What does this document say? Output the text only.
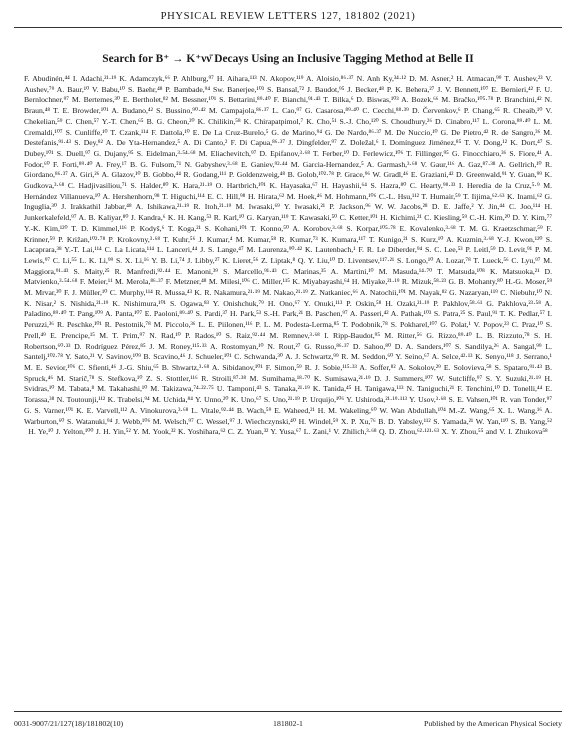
PHYSICAL REVIEW LETTERS 127, 181802 (2021)
Search for B⁺ → K⁺νν̄ Decays Using an Inclusive Tagging Method at Belle II
F. Abudinén,⁴⁴ I. Adachi,²¹·¹⁹ K. Adamczyk,⁶⁶ P. Ahlburg,⁹⁷ H. Aihara,¹¹³ N. Akopov,¹¹⁹ A. Aloisio,⁸⁶·³⁷ N. Anh Ky,³⁴·¹² D. M. Asner,² H. Atmacan,⁹⁹ T. Aushev,²³ V. Aushev,⁷⁹ A. Baur,¹⁰ V. Babu,¹⁰ S. Baehr,⁴⁸ P. Bambade,⁹⁴ Sw. Banerjee,¹⁰³ S. Bansal,⁷² J. Baudot,⁹⁵ J. Becker,⁴⁸ P. K. Behera,²⁷ J. V. Bennett,¹⁰⁷ E. Bernieri,⁴² F. U. Bernlochner,⁹⁷ M. Bertemes,³⁰ E. Bertholet,⁸² M. Bessner,¹⁰¹ S. Bettarini,⁸⁹·⁴⁰ F. Bianchi,⁹¹·⁴³ T. Bilka,⁶ D. Biswas,¹⁰³ A. Bozek,⁶⁶ M. Bračko,¹⁰⁵·⁷⁸ P. Branchini,⁴² N. Braun,⁴⁸ T. E. Browder,¹⁰¹ A. Budano,⁴² S. Bussino,⁹⁰·⁴² M. Campajola,⁸⁶·³⁷ L. Cao,⁹⁷ G. Casarosa,⁸⁹·⁴⁰ C. Cecchi,⁸⁸·³⁹ D. Červenkov,⁶ P. Chang,⁶⁵ R. Cheaib,¹⁰ V. Chekelian,⁵⁹ C. Chen,⁵⁷ Y.-T. Chen,⁶⁵ B. G. Cheon,²⁰ K. Chilikin,⁵⁸ K. Chirapatpimol,⁷ K. Cho,⁵¹ S.-J. Cho,¹²⁰ S. Choudhury,²⁶ D. Cinabro,¹¹⁷ L. Corona,⁸⁹·⁴⁰ L. M. Cremaldi,¹⁰⁷ S. Cunliffe,¹⁰ T. Czank,¹¹⁴ F. Dattola,¹⁰ E. De La Cruz-Burelo,⁵ G. de Marino,⁹⁴ G. De Nardo,⁸⁶·³⁷ M. De Nuccio,¹⁰ G. De Pietro,⁴² R. de Sangro,³⁶ M. Destefanis,⁹¹·⁴³ S. Dey,⁸² A. De Yta-Hernandez,⁵ A. Di Canto,² F. Di Capua,⁸⁶·³⁷ J. Dingfelder,⁹⁷ Z. Doležal,⁶ I. Domínguez Jiménez,⁸⁵ T. V. Dong,¹² K. Dort,⁴⁷ S. Dubey,¹⁰¹ S. Duell,⁹⁷ G. Dujany,⁹⁵ S. Eidelman,³·⁵⁴·⁶⁸ M. Eliachevitch,⁹⁷ D. Epifanov,³·⁶⁸ T. Ferber,¹⁰ D. Ferlewicz,¹⁰⁶ T. Fillinger,⁹⁵ G. Finocchiaro,³⁶ S. Fiore,⁴¹ A. Fodor,⁶⁰ F. Forti,⁸⁹·⁴⁰ A. Frey,¹⁷ B. G. Fulsom,⁷¹ N. Gabyshev,³·⁶⁸ E. Ganiev,⁹²·⁴⁴ M. Garcia-Hernandez,⁵ A. Garmash,³·⁶⁸ V. Gaur,¹¹⁶ A. Gaz,⁸⁷·³⁸ A. Gellrich,¹⁰ R. Giordano,⁸⁶·³⁷ A. Giri,²⁶ A. Glazov,¹⁰ B. Gobbo,⁴⁴ R. Godang,¹¹¹ P. Goldenzweig,⁴⁸ B. Golob,¹⁰²·⁷⁸ P. Grace,⁹⁶ W. Gradl,⁴⁶ E. Graziani,⁴² D. Greenwald,⁹¹ Y. Guan,⁹⁹ K. Gudkova,³·⁶⁸ C. Hadjivasiliou,⁷¹ S. Halder,⁸⁰ K. Hara,²¹·¹⁹ O. Hartbrich,¹⁰¹ K. Hayasaka,⁶⁷ H. Hayashii,⁶⁴ S. Hazra,⁸⁰ C. Hearty,⁹⁸·³³ I. Heredia de la Cruz,⁵·⁹ M. Hernández Villanueva,¹⁰ A. Hershenhorn,⁹⁸ T. Higuchi,¹¹⁴ E. C. Hill,⁹⁸ H. Hirata,⁶² M. Hoek,⁴⁶ M. Hohmann,¹⁰⁶ C.-L. Hsu,¹¹² T. Humair,⁵⁹ T. Iijima,⁶²·⁶³ K. Inami,⁶² G. Inguglia,³⁰ J. Irakkathil Jabbar,⁴⁸ A. Ishikawa,²¹·¹⁹ R. Itoh,²¹·¹⁹ M. Iwasaki,⁶⁹ Y. Iwasaki,²¹ P. Jackson,⁹⁶ W. W. Jacobs,²⁸ D. E. Jaffe,² Y. Jin,⁴⁴ C. Joo,¹¹⁴ H. Junkerkalefeld,⁹⁷ A. B. Kaliyar,⁸⁰ J. Kandra,⁶ K. H. Kang,⁵³ R. Karl,¹⁰ G. Karyan,¹¹⁹ T. Kawasaki,⁵⁰ C. Ketter,¹⁰¹ H. Kichimi,²¹ C. Kiesling,⁵⁹ C.-H. Kim,²⁰ D. Y. Kim,⁷⁷ Y.-K. Kim,¹²⁰ T. D. Kimmel,¹¹⁶ P. Kodyš,⁶ T. Koga,²¹ S. Kohani,¹⁰¹ T. Konno,⁵⁰ A. Korobov,³·⁶⁸ S. Korpar,¹⁰⁵·⁷⁸ E. Kovalenko,³·⁶⁸ T. M. G. Kraetzschmar,⁵⁹ F. Krinner,⁵⁹ P. Križan,¹⁰²·⁷⁸ P. Krokovny,³·⁶⁸ T. Kuhr,⁵⁶ J. Kumar,⁴ M. Kumar,⁵⁸ R. Kumar,⁷³ K. Kumara,¹¹⁷ T. Kunigo,²¹ S. Kurz,¹⁰ A. Kuzmin,³·⁶⁸ Y.-J. Kwon,¹²⁰ S. Lacaprara,³⁸ Y.-T. Lai,¹¹⁴ C. La Licata,¹¹⁴ L. Lanceri,⁴⁴ J. S. Lange,⁴⁷ M. Laurenza,⁹⁰·⁴² K. Lautenbach,¹ F. R. Le Diberder,⁹⁴ S. C. Lee,⁵³ P. Leitl,⁵⁹ D. Levit,⁹¹ P. M. Lewis,⁹⁷ C. Li,⁵⁵ L. K. Li,⁹⁹ S. X. Li,¹⁶ Y. B. Li,⁷⁴ J. Libby,²⁷ K. Lieret,⁵⁶ Z. Liptak,⁸ Q. Y. Liu,¹⁰ D. Liventsev,¹¹⁷·²¹ S. Longo,¹⁰ A. Lozar,⁷⁸ T. Lueck,⁵⁶ C. Lyu,⁹⁷ M. Maggiora,⁹¹·⁴³ S. Maity,²⁵ R. Manfredi,⁹²·⁴⁴ E. Manoni,³⁹ S. Marcello,⁹¹·⁴³ C. Marinas,³⁵ A. Martini,¹⁰ M. Masuda,¹⁴·⁷⁰ T. Matsuda,¹⁰⁸ K. Matsuoka,²¹ D. Matvienko,³·⁵⁴·⁶⁸ F. Meier,¹¹ M. Merola,⁸⁶·³⁷ F. Metzner,⁴⁸ M. Milesi,¹⁰⁶ C. Miller,¹¹⁵ K. Miyabayashi,⁶⁴ H. Miyake,²¹·¹⁹ R. Mizuk,⁵⁸·²³ G. B. Mohanty,⁸⁰ H.-G. Moser,⁵⁹ M. Mrvar,³⁰ F. J. Müller,¹⁰ C. Murphy,¹¹⁴ R. Mussa,⁴³ K. R. Nakamura,²¹·¹⁹ M. Nakao,²¹·¹⁹ Z. Natkaniec,⁶⁶ A. Natochii,¹⁰¹ M. Nayak,⁸² G. Nazaryan,¹¹⁹ C. Niebuhr,¹⁰ N. K. Nisar,² S. Nishida,²¹·¹⁹ K. Nishimura,¹⁰¹ S. Ogawa,⁸³ Y. Onishchuk,⁷⁹ H. Ono,⁶⁷ Y. Onuki,¹¹³ P. Oskin,⁵⁸ H. Ozaki,²¹·¹⁹ P. Pakhlov,⁵⁸·⁶¹ G. Pakhlova,²³·⁵⁸ A. Paladino,⁸⁹·⁴⁰ T. Pang,¹⁰⁹ A. Panta,¹⁰⁷ E. Paoloni,⁸⁹·⁴⁰ S. Pardi,³⁷ H. Park,⁵³ S.-H. Park,²¹ B. Paschen,⁹⁷ A. Passeri,⁴² A. Pathak,¹⁰³ S. Patra,²⁵ S. Paul,⁹¹ T. K. Pedlar,⁵⁷ I. Peruzzi,³⁶ R. Peschke,¹⁰¹ R. Pestotnik,⁷⁸ M. Piccolo,³⁶ L. E. Piilonen,¹¹⁶ P. L. M. Podesta-Lerma,⁸⁵ T. Podobnik,⁷⁸ S. Pokharel,¹⁰⁷ G. Polat,¹ V. Popov,²³ C. Praz,¹⁰ S. Prell,⁴⁹ E. Prencipe,¹⁵ M. T. Prim,⁹⁷ N. Rad,¹⁰ P. Rados,¹⁰ S. Raiz,⁹²·⁴⁴ M. Remnev,³·⁶⁸ I. Ripp-Baudot,⁹⁵ M. Ritter,⁵⁶ G. Rizzo,⁸⁹·⁴⁰ L. B. Rizzuto,⁷⁸ S. H. Robertson,⁶⁰·³³ D. Rodríguez Pérez,⁸⁵ J. M. Roney,¹¹⁵·³³ A. Rostomyan,¹⁰ N. Rout,²⁷ G. Russo,⁸⁶·³⁷ D. Sahoo,⁸⁰ D. A. Sanders,¹⁰⁷ S. Sandilya,²⁶ A. Sangal,⁹⁹ L. Santelj,¹⁰²·⁷⁸ Y. Sato,²¹ V. Savinov,¹⁰⁹ B. Scavino,⁴⁶ J. Schueler,¹⁰¹ C. Schwanda,³⁰ A. J. Schwartz,⁹⁹ R. M. Seddon,⁶⁰ Y. Seino,⁶⁷ A. Selce,⁴²·¹³ K. Senyo,¹¹⁸ J. Serrano,¹ M. E. Sevior,¹⁰⁶ C. Sfienti,⁴⁶ J.-G. Shiu,⁶⁵ B. Shwartz,³·⁶⁸ A. Sibidanov,¹⁰¹ F. Simon,⁵⁹ R. J. Sobie,¹¹⁵·³³ A. Soffer,⁸² A. Sokolov,²⁹ E. Solovieva,⁵⁸ S. Spataro,⁹¹·⁴³ B. Spruck,⁴⁶ M. Starič,⁷⁸ S. Stefkova,¹⁰ Z. S. Stottler,¹¹⁶ R. Stroili,⁸⁷·³⁸ M. Sumihama,¹⁸·⁷⁰ K. Sumisawa,²¹·¹⁹ D. J. Summers,¹⁰⁷ W. Sutcliffe,⁹⁷ S. Y. Suzuki,²¹·¹⁹ H. Svidras,¹⁰ M. Tabata,⁸ M. Takahashi,¹⁰ M. Takizawa,⁷⁴·²²·⁷⁵ U. Tamponi,⁴³ S. Tanaka,²¹·¹⁹ K. Tanida,⁴⁵ H. Tanigawa,¹¹³ N. Taniguchi,²¹ F. Tenchini,¹⁰ D. Tonelli,⁴⁴ E. Torassa,³⁸ N. Toutounji,¹¹² K. Trabelsi,⁹⁴ M. Uchida,⁸⁴ Y. Unno,²⁰ K. Uno,⁶⁷ S. Uno,²¹·¹⁹ P. Urquijo,¹⁰⁶ Y. Ushiroda,²¹·¹⁹·¹¹³ Y. Usov,³·⁶⁸ S. E. Vahsen,¹⁰¹ R. van Tonder,⁹⁷ G. S. Varner,¹⁰¹ K. E. Varvell,¹¹² A. Vinokurova,³·⁶⁸ L. Vitale,⁹²·⁴⁴ B. Wach,⁵⁹ E. Waheed,²¹ H. M. Wakeling,⁶⁰ W. Wan Abdullah,¹⁰⁴ M.-Z. Wang,⁶⁵ X. L. Wang,¹⁶ A. Warburton,⁶⁰ S. Watanuki,⁹⁴ J. Webb,¹⁰⁶ M. Welsch,⁹⁷ C. Wessel,⁹⁷ J. Wiechczynski,⁴⁰ H. Windel,⁵⁹ X. P. Xu,⁷⁶ B. D. Yabsley,¹¹² S. Yamada,²¹ W. Yan,¹¹⁰ S. B. Yang,⁵² H. Ye,¹⁰ J. Yelton,¹⁰⁰ J. H. Yin,⁵² Y. M. Yook,³² K. Yoshihara,⁶² C. Z. Yuan,³² Y. Yusa,⁶⁷ L. Zani,¹ V. Zhilich,³·⁶⁸ Q. D. Zhou,⁶²·¹²¹·⁶³ X. Y. Zhou,⁵⁵ and V. I. Zhukova⁵⁸
0031-9007/21/127(18)/181802(10)	181802-1	Published by the American Physical Society
